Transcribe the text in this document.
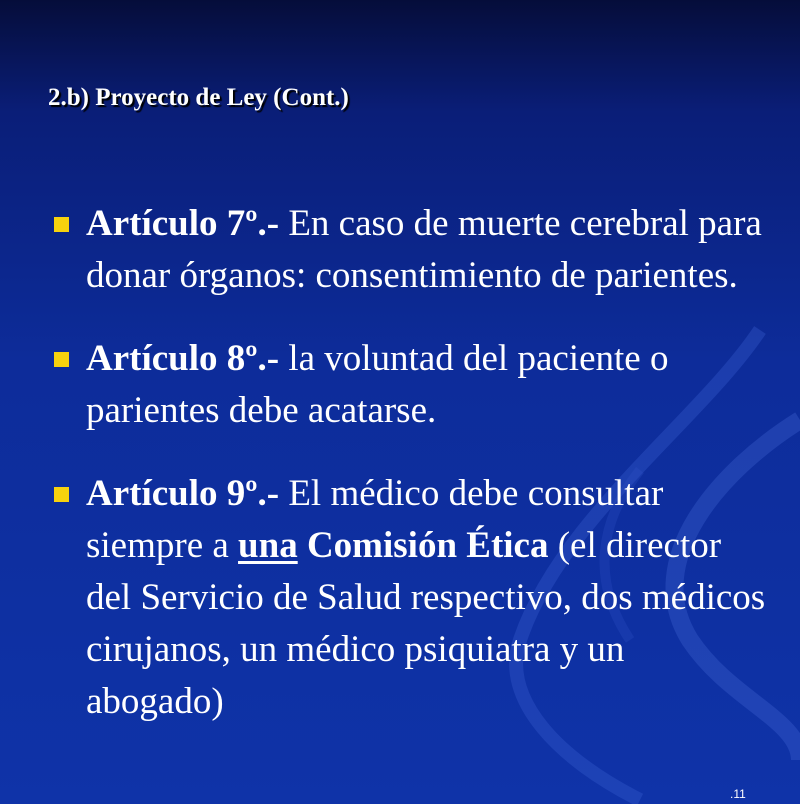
2.b) Proyecto de Ley (Cont.)
Artículo 7º.- En caso de muerte cerebral para donar órganos: consentimiento de parientes.
Artículo 8º.- la voluntad del paciente o parientes debe acatarse.
Artículo 9º.- El médico debe consultar siempre a una Comisión Ética (el director del Servicio de Salud respectivo, dos médicos cirujanos, un médico psiquiatra y un abogado)
.11
